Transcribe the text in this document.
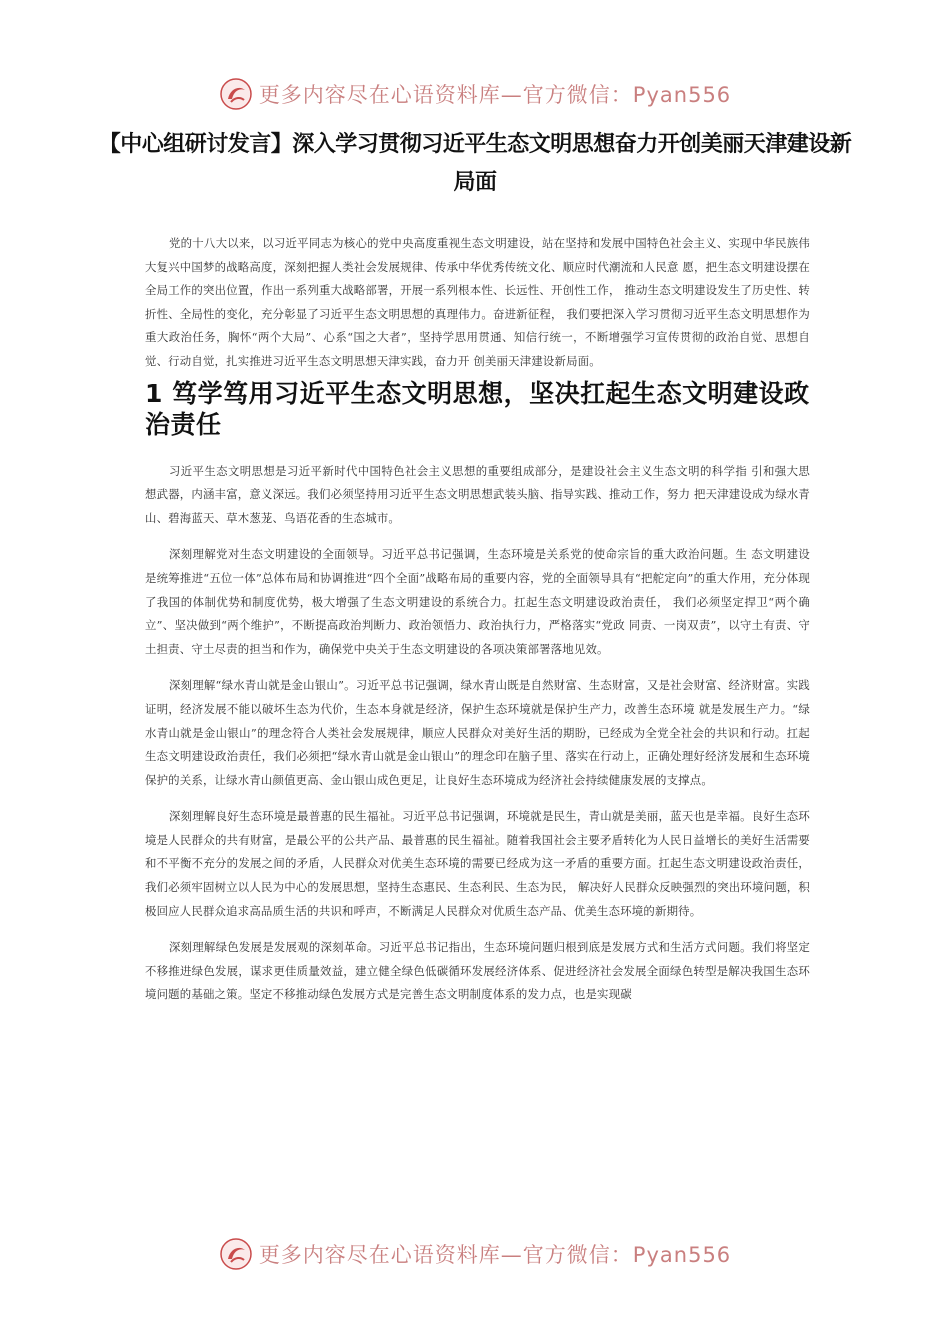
更多内容尽在心语资料库—官方微信：Pyan556
【中心组研讨发言】深入学习贯彻习近平生态文明思想奋力开创美丽天津建设新局面

党的十八大以来，以习近平同志为核心的党中央高度重视生态文明建设，站在坚持和发展中国特色社会主义、实现中华民族伟大复兴中国梦的战略高度，深刻把握人类社会发展规律、传承中华优秀传统文化、顺应时代潮流和人民意 愿，把生态文明建设摆在全局工作的突出位置，作出一系列重大战略部署，开展一系列根本性、长远性、开创性工作， 推动生态文明建设发生了历史性、转折性、全局性的变化，充分彰显了习近平生态文明思想的真理伟力。奋进新征程， 我们要把深入学习贯彻习近平生态文明思想作为重大政治任务，胸怀“两个大局”、心系“国之大者”，坚持学思用贯通、知信行统一，不断增强学习宣传贯彻的政治自觉、思想自觉、行动自觉，扎实推进习近平生态文明思想天津实践，奋力开 创美丽天津建设新局面。

1 笃学笃用习近平生态文明思想，坚决扛起生态文明建设政治责任

习近平生态文明思想是习近平新时代中国特色社会主义思想的重要组成部分，是建设社会主义生态文明的科学指 引和强大思想武器，内涵丰富，意义深远。我们必须坚持用习近平生态文明思想武装头脑、指导实践、推动工作，努力 把天津建设成为绿水青山、碧海蓝天、草木葱茏、鸟语花香的生态城市。

深刻理解党对生态文明建设的全面领导。习近平总书记强调，生态环境是关系党的使命宗旨的重大政治问题。生 态文明建设是统筹推进“五位一体”总体布局和协调推进“四个全面”战略布局的重要内容，党的全面领导具有“把舵定向”的重大作用，充分体现了我国的体制优势和制度优势，极大增强了生态文明建设的系统合力。扛起生态文明建设政治责任， 我们必须坚定捍卫“两个确立”、坚决做到“两个维护”，不断提高政治判断力、政治领悟力、政治执行力，严格落实“党政 同责、一岗双责”，以守土有责、守土担责、守土尽责的担当和作为，确保党中央关于生态文明建设的各项决策部署落地见效。

深刻理解“绿水青山就是金山银山”。习近平总书记强调，绿水青山既是自然财富、生态财富，又是社会财富、经济财富。实践证明，经济发展不能以破坏生态为代价，生态本身就是经济，保护生态环境就是保护生产力，改善生态环境 就是发展生产力。“绿水青山就是金山银山”的理念符合人类社会发展规律，顺应人民群众对美好生活的期盼，已经成为全党全社会的共识和行动。扛起生态文明建设政治责任，我们必须把“绿水青山就是金山银山”的理念印在脑子里、落实在行动上，正确处理好经济发展和生态环境保护的关系，让绿水青山颜值更高、金山银山成色更足，让良好生态环境成为经济社会持续健康发展的支撑点。

深刻理解良好生态环境是最普惠的民生福祉。习近平总书记强调，环境就是民生，青山就是美丽，蓝天也是幸福。良好生态环境是人民群众的共有财富，是最公平的公共产品、最普惠的民生福祉。随着我国社会主要矛盾转化为人民日益增长的美好生活需要和不平衡不充分的发展之间的矛盾，人民群众对优美生态环境的需要已经成为这一矛盾的重要方面。扛起生态文明建设政治责任，我们必须牢固树立以人民为中心的发展思想，坚持生态惠民、生态利民、生态为民， 解决好人民群众反映强烈的突出环境问题，积极回应人民群众追求高品质生活的共识和呼声，不断满足人民群众对优质生态产品、优美生态环境的新期待。

深刻理解绿色发展是发展观的深刻革命。习近平总书记指出，生态环境问题归根到底是发展方式和生活方式问题。我们将坚定不移推进绿色发展，谋求更佳质量效益，建立健全绿色低碳循环发展经济体系、促进经济社会发展全面绿色转型是解决我国生态环境问题的基础之策。坚定不移推动绿色发展方式是完善生态文明制度体系的发力点，也是实现碳

更多内容尽在心语资料库—官方微信：Pyan556
